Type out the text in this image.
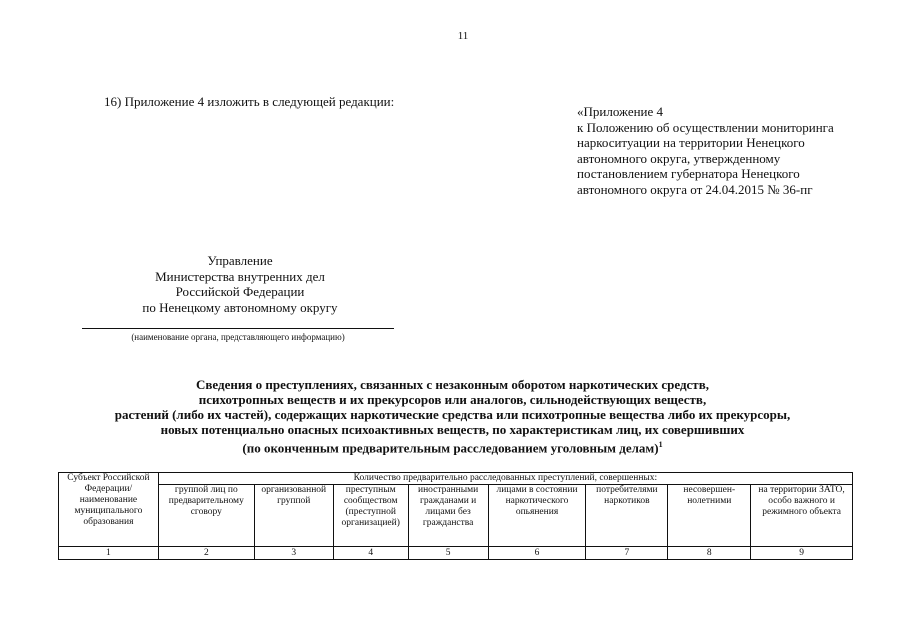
11
16) Приложение 4 изложить в следующей редакции:
«Приложение 4
к Положению об осуществлении мониторинга
наркоситуации на территории Ненецкого
автономного округа, утвержденному
постановлением губернатора Ненецкого
автономного округа от 24.04.2015 № 36-пг
Управление
Министерства внутренних дел
Российской Федерации
по Ненецкому автономному округу
(наименование органа, представляющего информацию)
Сведения о преступлениях, связанных с незаконным оборотом наркотических средств,
психотропных веществ и их прекурсоров или аналогов, сильнодействующих веществ,
растений (либо их частей), содержащих наркотические средства или психотропные вещества либо их прекурсоры,
новых потенциально опасных психоактивных веществ, по характеристикам лиц, их совершивших
(по оконченным предварительным расследованием уголовным делам)$^1$
Субъект Российской Федерации/ наименование муниципального образования	Количество предварительно расследованных преступлений, совершенных:							
	группой лиц по предварительному сговору	организованной группой	преступным сообществом (преступной организацией)	иностранными гражданами и лицами без гражданства	лицами в состоянии наркотического опьянения	потребителями наркотиков	несовершен-нолетними	на территории ЗАТО, особо важного и режимного объекта
1	2	3	4	5	6	7	8	9
